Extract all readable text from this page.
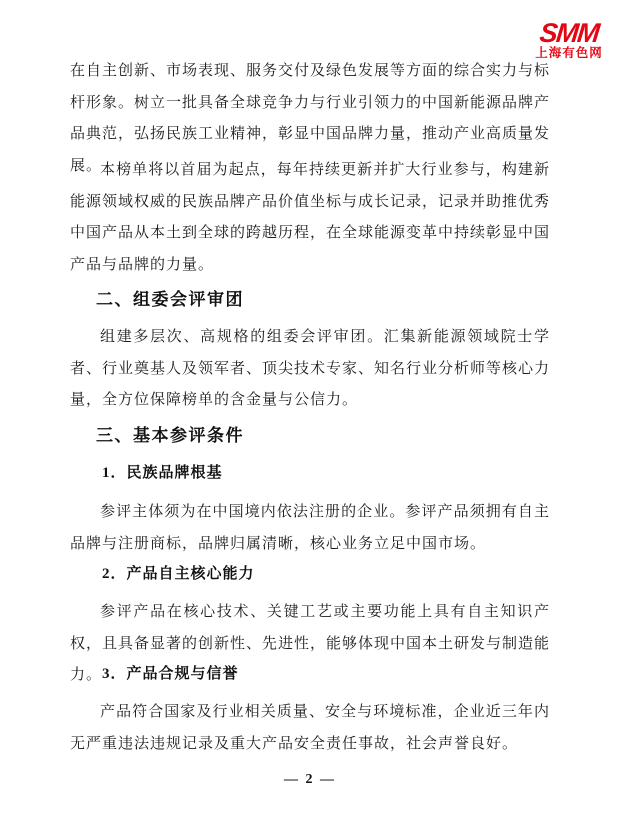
SMM
上海有色网

在自主创新、市场表现、服务交付及绿色发展等方面的综合实力与标杆形象。树立一批具备全球竞争力与行业引领力的中国新能源品牌产品典范，弘扬民族工业精神，彰显中国品牌力量，推动产业高质量发展。

本榜单将以首届为起点，每年持续更新并扩大行业参与，构建新能源领域权威的民族品牌产品价值坐标与成长记录，记录并助推优秀中国产品从本土到全球的跨越历程，在全球能源变革中持续彰显中国产品与品牌的力量。

二、组委会评审团

组建多层次、高规格的组委会评审团。汇集新能源领域院士学者、行业奠基人及领军者、顶尖技术专家、知名行业分析师等核心力量，全方位保障榜单的含金量与公信力。

三、基本参评条件
1．民族品牌根基

参评主体须为在中国境内依法注册的企业。参评产品须拥有自主品牌与注册商标，品牌归属清晰，核心业务立足中国市场。

2．产品自主核心能力

参评产品在核心技术、关键工艺或主要功能上具有自主知识产权，且具备显著的创新性、先进性，能够体现中国本土研发与制造能力。 3．产品合规与信誉

产品符合国家及行业相关质量、安全与环境标准，企业近三年内无严重违法违规记录及重大产品安全责任事故，社会声誉良好。

— 2 —
